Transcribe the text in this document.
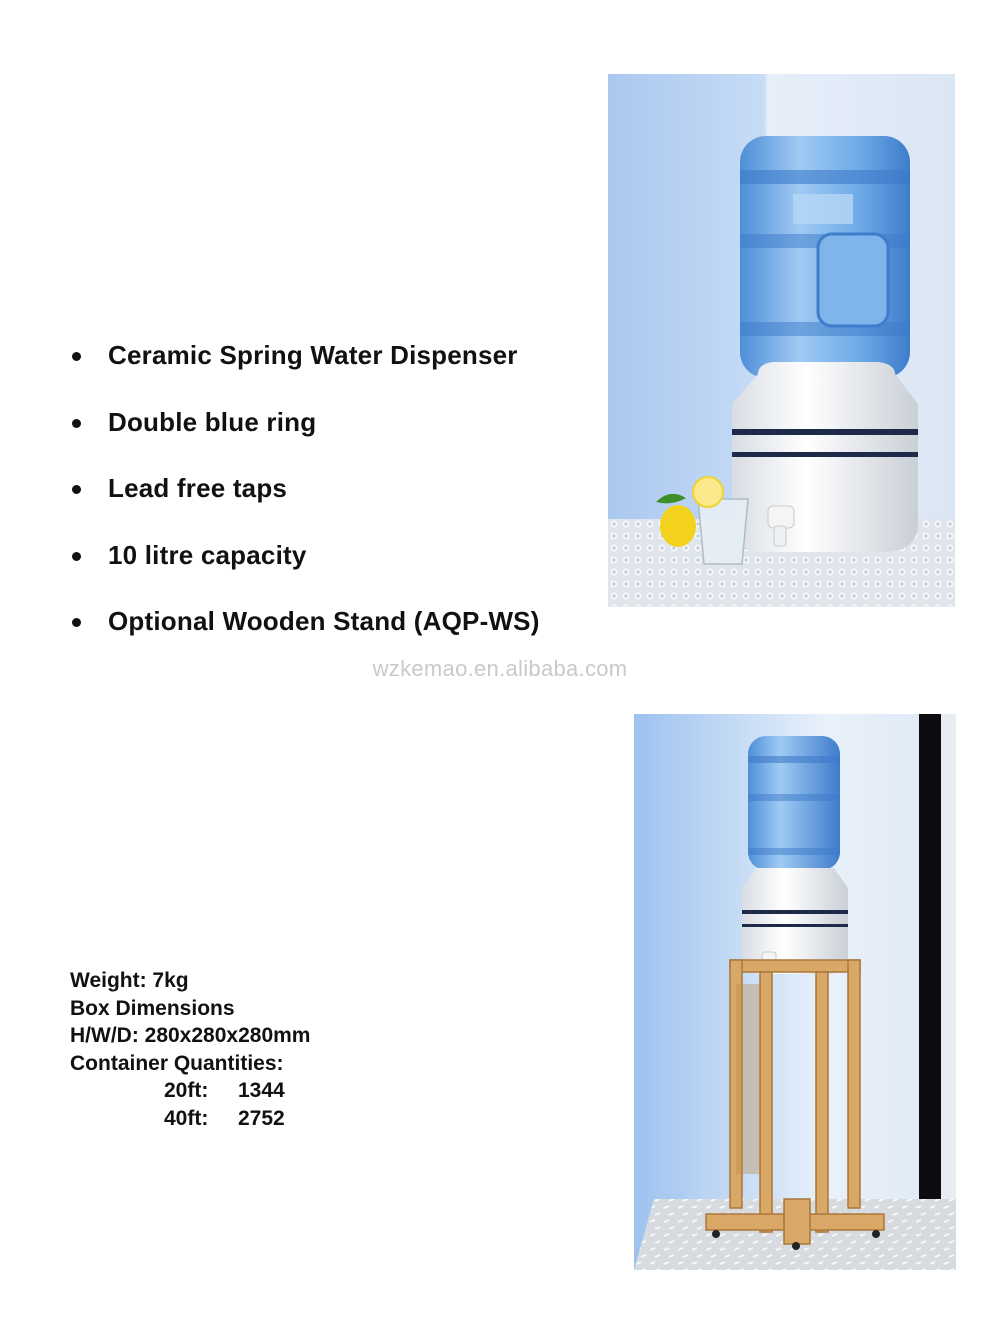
Ceramic Spring Water Dispenser
Double blue ring
Lead free taps
10 litre capacity
Optional Wooden Stand (AQP-WS)
wzkemao.en.alibaba.com
Weight: 7kg
Box Dimensions
H/W/D: 280x280x280mm
Container Quantities:
20ft: 1344
40ft: 2752
